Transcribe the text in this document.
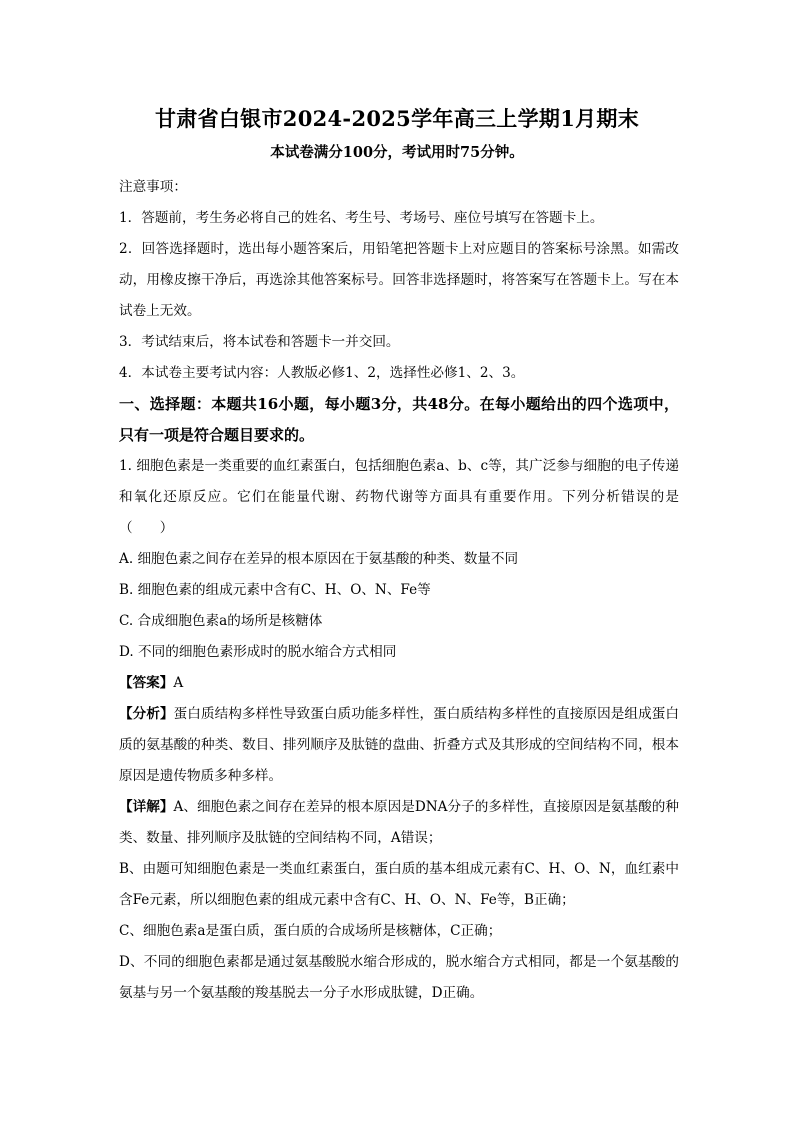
甘肃省白银市2024-2025学年高三上学期1月期末
本试卷满分100分，考试用时75分钟。
注意事项：
1．答题前，考生务必将自己的姓名、考生号、考场号、座位号填写在答题卡上。
2．回答选择题时，选出每小题答案后，用铅笔把答题卡上对应题目的答案标号涂黑。如需改动，用橡皮擦干净后，再选涂其他答案标号。回答非选择题时，将答案写在答题卡上。写在本试卷上无效。
3．考试结束后，将本试卷和答题卡一并交回。
4．本试卷主要考试内容：人教版必修1、2，选择性必修1、2、3。
一、选择题：本题共16小题，每小题3分，共48分。在每小题给出的四个选项中，只有一项是符合题目要求的。
1. 细胞色素是一类重要的血红素蛋白，包括细胞色素a、b、c等，其广泛参与细胞的电子传递和氧化还原反应。它们在能量代谢、药物代谢等方面具有重要作用。下列分析错误的是（　　）
A. 细胞色素之间存在差异的根本原因在于氨基酸的种类、数量不同
B. 细胞色素的组成元素中含有C、H、O、N、Fe等
C. 合成细胞色素a的场所是核糖体
D. 不同的细胞色素形成时的脱水缩合方式相同
【答案】A
【分析】蛋白质结构多样性导致蛋白质功能多样性，蛋白质结构多样性的直接原因是组成蛋白质的氨基酸的种类、数目、排列顺序及肽链的盘曲、折叠方式及其形成的空间结构不同，根本原因是遗传物质多种多样。
【详解】A、细胞色素之间存在差异的根本原因是DNA分子的多样性，直接原因是氨基酸的种类、数量、排列顺序及肽链的空间结构不同，A错误；
B、由题可知细胞色素是一类血红素蛋白，蛋白质的基本组成元素有C、H、O、N，血红素中含Fe元素，所以细胞色素的组成元素中含有C、H、O、N、Fe等，B正确；
C、细胞色素a是蛋白质，蛋白质的合成场所是核糖体，C正确；
D、不同的细胞色素都是通过氨基酸脱水缩合形成的，脱水缩合方式相同，都是一个氨基酸的氨基与另一个氨基酸的羧基脱去一分子水形成肽键，D正确。
